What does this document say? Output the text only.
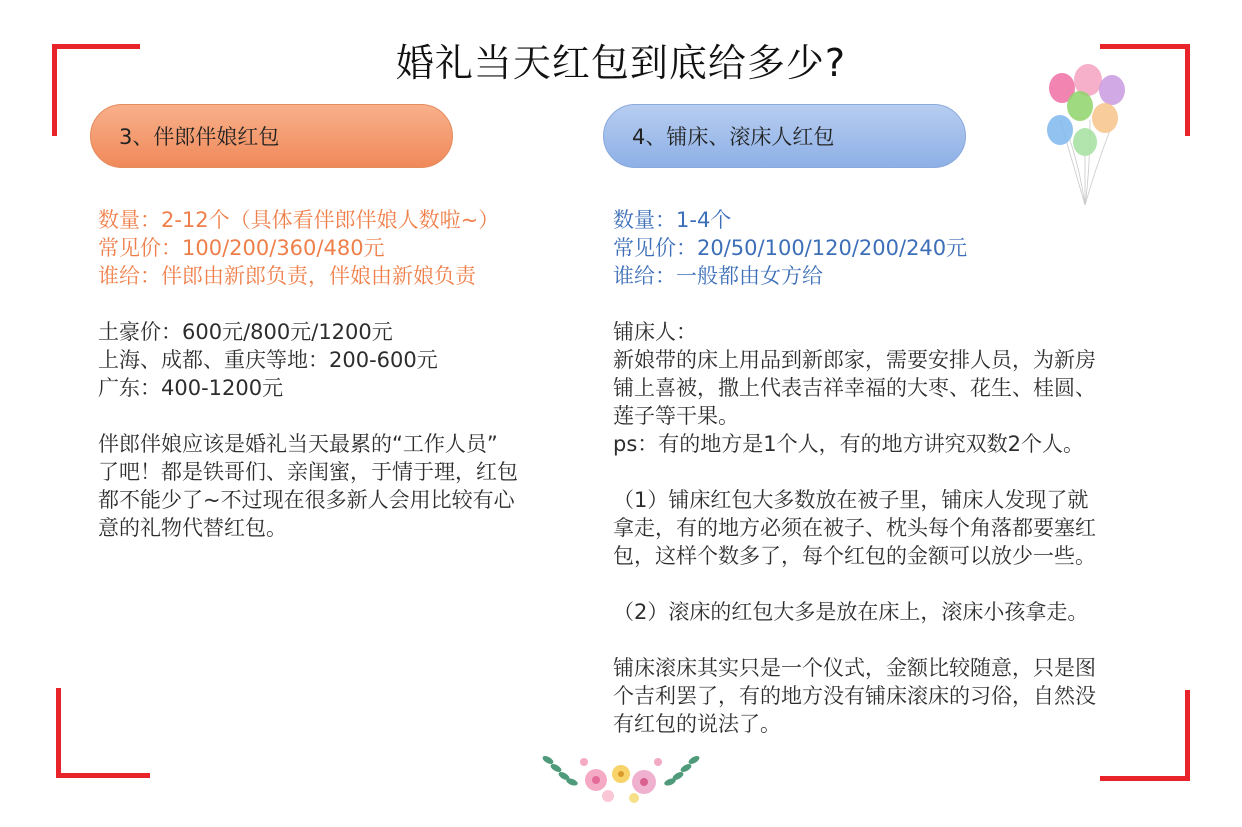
婚礼当天红包到底给多少?
3、伴郎伴娘红包
数量：2-12个（具体看伴郎伴娘人数啦~）
常见价：100/200/360/480元
谁给：伴郎由新郎负责，伴娘由新娘负责
土豪价：600元/800元/1200元
上海、成都、重庆等地：200-600元
广东：400-1200元
伴郎伴娘应该是婚礼当天最累的“工作人员”
了吧！都是铁哥们、亲闺蜜，于情于理，红包
都不能少了~不过现在很多新人会用比较有心
意的礼物代替红包。
4、铺床、滚床人红包
数量：1-4个
常见价：20/50/100/120/200/240元
谁给：一般都由女方给
铺床人：
新娘带的床上用品到新郎家，需要安排人员，为新房
铺上喜被，撒上代表吉祥幸福的大枣、花生、桂圆、
莲子等干果。
ps：有的地方是1个人，有的地方讲究双数2个人。
（1）铺床红包大多数放在被子里，铺床人发现了就
拿走，有的地方必须在被子、枕头每个角落都要塞红
包，这样个数多了，每个红包的金额可以放少一些。
（2）滚床的红包大多是放在床上，滚床小孩拿走。
铺床滚床其实只是一个仪式，金额比较随意，只是图
个吉利罢了，有的地方没有铺床滚床的习俗，自然没
有红包的说法了。
